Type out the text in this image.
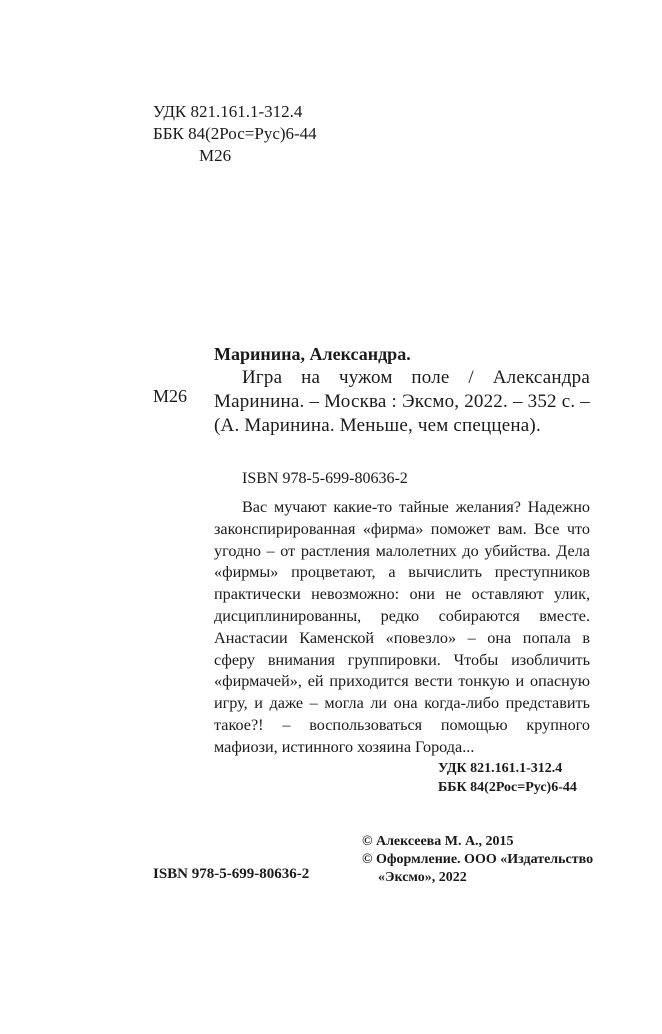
УДК 821.161.1-312.4
ББК 84(2Рос=Рус)6-44
М26
М26
Маринина, Александра.
Игра на чужом поле / Александра Маринина. – Москва : Эксмо, 2022. – 352 с. – (А. Маринина. Меньше, чем спеццена).
ISBN 978-5-699-80636-2
Вас мучают какие-то тайные желания? Надежно законспирированная «фирма» поможет вам. Все что угодно – от растления малолетних до убийства. Дела «фирмы» процветают, а вычислить преступников практически невозможно: они не оставляют улик, дисциплинированны, редко собираются вместе. Анастасии Каменской «повезло» – она попала в сферу внимания группировки. Чтобы изобличить «фирмачей», ей приходится вести тонкую и опасную игру, и даже – могла ли она когда-либо представить такое?! – воспользоваться помощью крупного мафиози, истинного хозяина Города...
УДК 821.161.1-312.4
ББК 84(2Рос=Рус)6-44
© Алексеева М. А., 2015
© Оформление. ООО «Издательство
«Эксмо», 2022
ISBN 978-5-699-80636-2
